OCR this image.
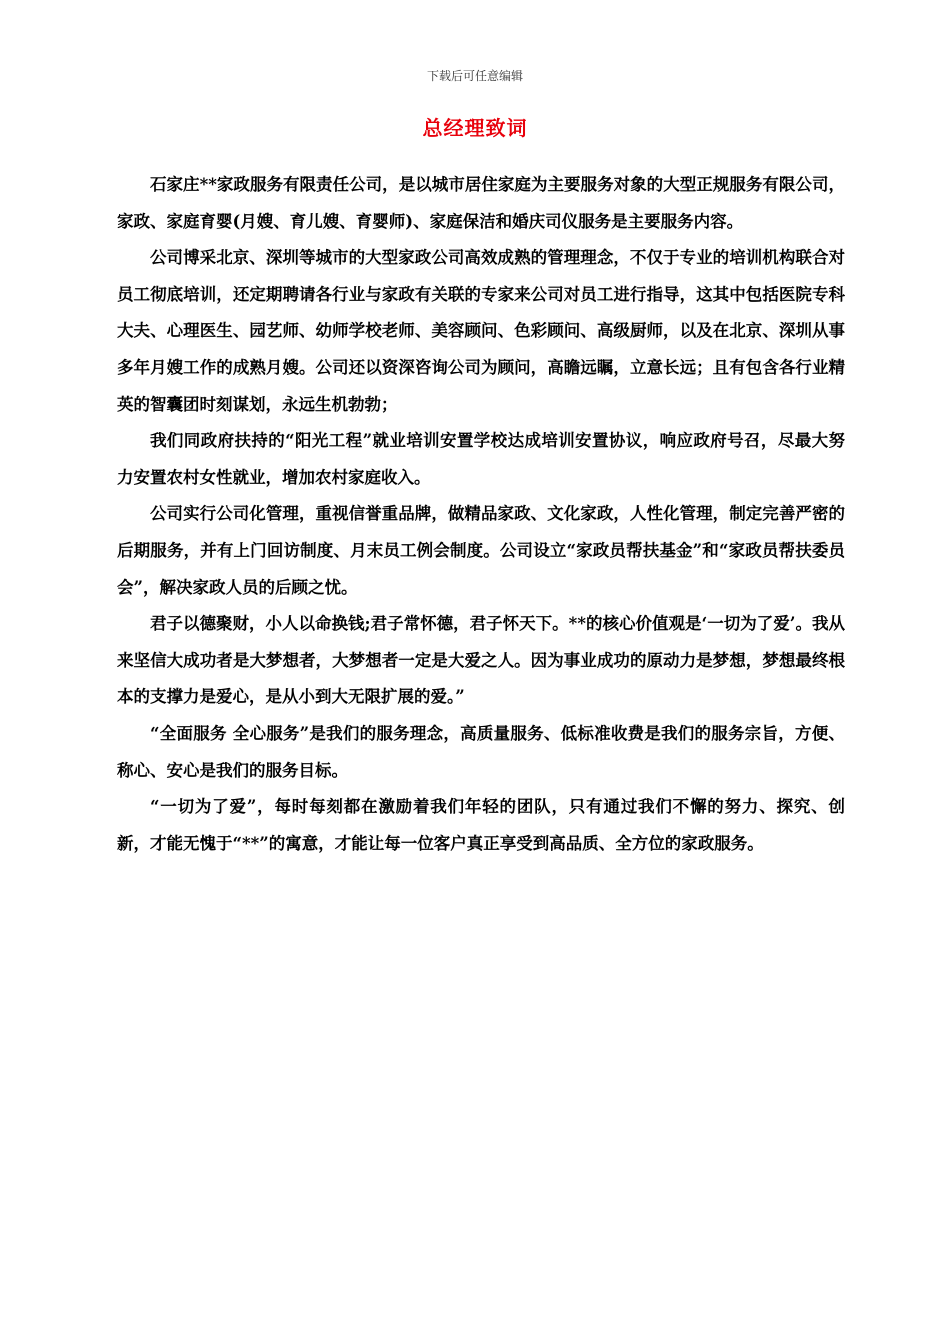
下载后可任意编辑
总经理致词

石家庄**家政服务有限责任公司，是以城市居住家庭为主要服务对象的大型正规服务有限公司，家政、家庭育婴(月嫂、育儿嫂、育婴师)、家庭保洁和婚庆司仪服务是主要服务内容。

公司博采北京、深圳等城市的大型家政公司高效成熟的管理理念，不仅于专业的培训机构联合对员工彻底培训，还定期聘请各行业与家政有关联的专家来公司对员工进行指导，这其中包括医院专科大夫、心理医生、园艺师、幼师学校老师、美容顾问、色彩顾问、高级厨师，以及在北京、深圳从事多年月嫂工作的成熟月嫂。公司还以资深咨询公司为顾问，高瞻远瞩，立意长远；且有包含各行业精英的智囊团时刻谋划，永远生机勃勃；

我们同政府扶持的“阳光工程”就业培训安置学校达成培训安置协议，响应政府号召，尽最大努力安置农村女性就业，增加农村家庭收入。

公司实行公司化管理，重视信誉重品牌，做精品家政、文化家政，人性化管理，制定完善严密的后期服务，并有上门回访制度、月末员工例会制度。公司设立“家政员帮扶基金”和“家政员帮扶委员会”，解决家政人员的后顾之忧。

君子以德聚财，小人以命换钱;君子常怀德，君子怀天下。**的核心价值观是‘一切为了爱’。我从来坚信大成功者是大梦想者，大梦想者一定是大爱之人。因为事业成功的原动力是梦想，梦想最终根本的支撑力是爱心，是从小到大无限扩展的爱。”

“全面服务 全心服务”是我们的服务理念，高质量服务、低标准收费是我们的服务宗旨，方便、称心、安心是我们的服务目标。

“一切为了爱”，每时每刻都在激励着我们年轻的团队，只有通过我们不懈的努力、探究、创新，才能无愧于“**”的寓意，才能让每一位客户真正享受到高品质、全方位的家政服务。
